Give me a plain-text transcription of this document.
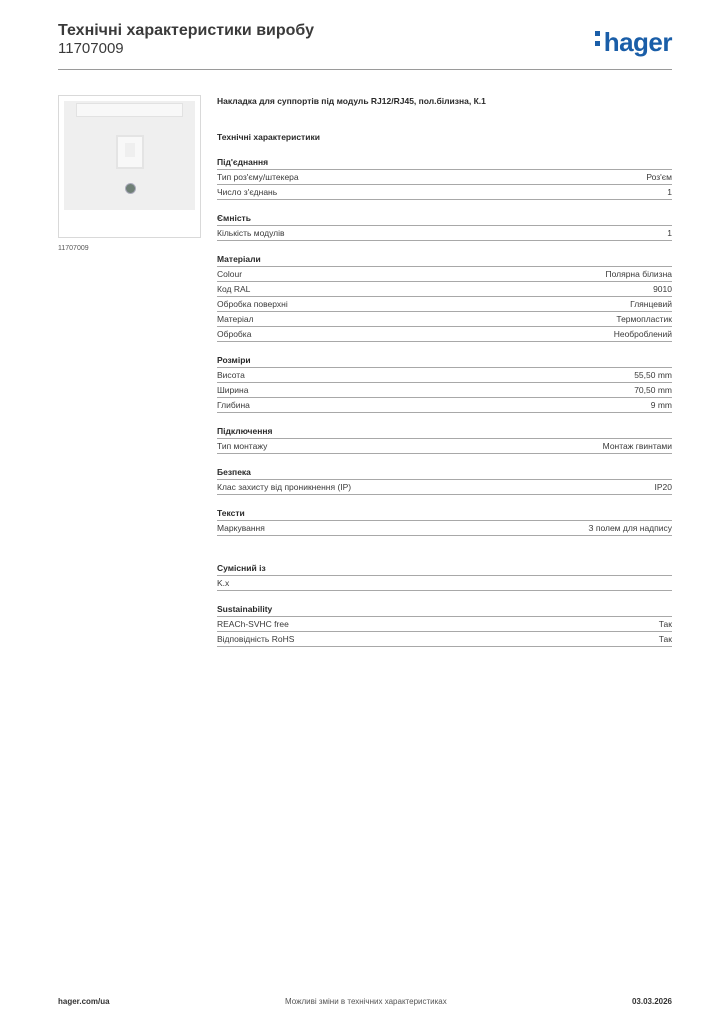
Технічні характеристики виробу
11707009	hager
11707009
Накладка для суппортів під модуль RJ12/RJ45, пол.білизна, К.1
Технічні характеристики
Під'єднання
Тип роз'єму/штекера	Роз'єм
Число з'єднань	1
Ємність
Кількість модулів	1
Матеріали
Colour	Полярна білизна
Код RAL	9010
Обробка поверхні	Глянцевий
Матеріал	Термопластик
Обробка	Необроблений
Розміри
Висота	55,50 mm
Ширина	70,50 mm
Глибина	9 mm
Підключення
Тип монтажу	Монтаж гвинтами
Безпека
Клас захисту від проникнення (IP)	IP20
Тексти
Маркування	З полем для надпису
Сумісний із
K.x
Sustainability
REACh-SVHC free	Так
Відповідність RoHS	Так
hager.com/ua	Можливі зміни в технічних характеристиках	03.03.2026
